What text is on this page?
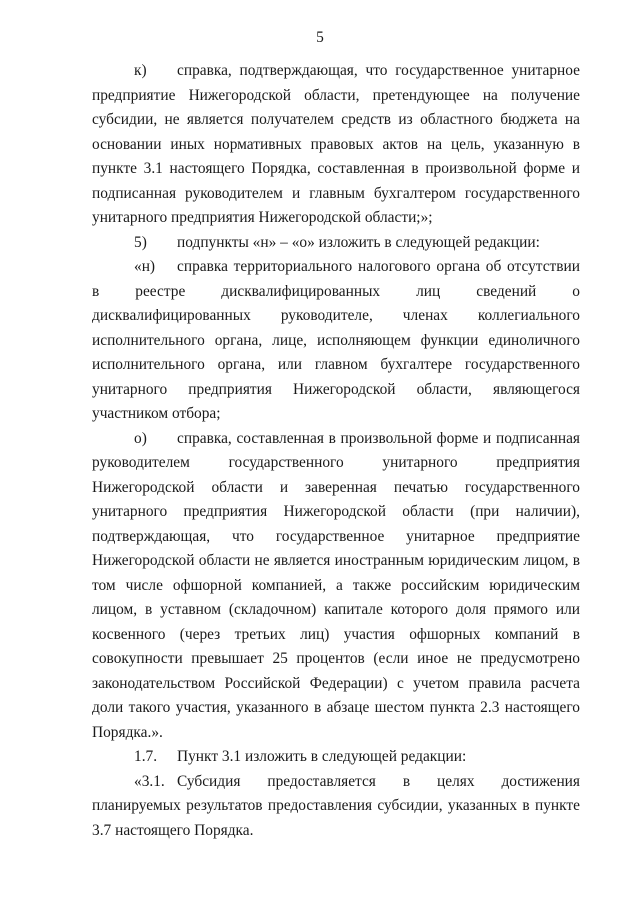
5

к) справка, подтверждающая, что государственное унитарное предприятие Нижегородской области, претендующее на получение субсидии, не является получателем средств из областного бюджета на основании иных нормативных правовых актов на цель, указанную в пункте 3.1 настоящего Порядка, составленная в произвольной форме и подписанная руководителем и главным бухгалтером государственного унитарного предприятия Нижегородской области;»;

5) подпункты «н» – «о» изложить в следующей редакции:

«н) справка территориального налогового органа об отсутствии в реестре дисквалифицированных лиц сведений о дисквалифицированных руководителе, членах коллегиального исполнительного органа, лице, исполняющем функции единоличного исполнительного органа, или главном бухгалтере государственного унитарного предприятия Нижегородской области, являющегося участником отбора;

о) справка, составленная в произвольной форме и подписанная руководителем государственного унитарного предприятия Нижегородской области и заверенная печатью государственного унитарного предприятия Нижегородской области (при наличии), подтверждающая, что государственное унитарное предприятие Нижегородской области не является иностранным юридическим лицом, в том числе офшорной компанией, а также российским юридическим лицом, в уставном (складочном) капитале которого доля прямого или косвенного (через третьих лиц) участия офшорных компаний в совокупности превышает 25 процентов (если иное не предусмотрено законодательством Российской Федерации) с учетом правила расчета доли такого участия, указанного в абзаце шестом пункта 2.3 настоящего Порядка.».

1.7. Пункт 3.1 изложить в следующей редакции:

«3.1. Субсидия предоставляется в целях достижения планируемых результатов предоставления субсидии, указанных в пункте 3.7 настоящего Порядка.
